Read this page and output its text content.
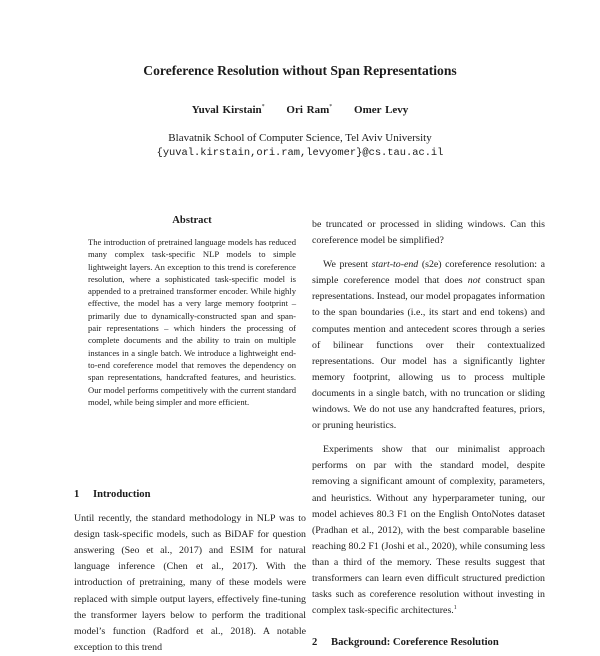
Coreference Resolution without Span Representations
Yuval Kirstain* Ori Ram* Omer Levy
Blavatnik School of Computer Science, Tel Aviv University
{yuval.kirstain,ori.ram,levyomer}@cs.tau.ac.il
Abstract
The introduction of pretrained language models has reduced many complex task-specific NLP models to simple lightweight layers. An exception to this trend is coreference resolution, where a sophisticated task-specific model is appended to a pretrained transformer encoder. While highly effective, the model has a very large memory footprint – primarily due to dynamically-constructed span and span-pair representations – which hinders the processing of complete documents and the ability to train on multiple instances in a single batch. We introduce a lightweight end-to-end coreference model that removes the dependency on span representations, handcrafted features, and heuristics. Our model performs competitively with the current standard model, while being simpler and more efficient.
1 Introduction

Until recently, the standard methodology in NLP was to design task-specific models, such as BiDAF for question answering (Seo et al., 2017) and ESIM for natural language inference (Chen et al., 2017). With the introduction of pretraining, many of these models were replaced with simple output layers, effectively fine-tuning the transformer layers below to perform the traditional model’s function (Radford et al., 2018). A notable exception to this trend

be truncated or processed in sliding windows. Can this coreference model be simplified?

We present start-to-end (s2e) coreference resolution: a simple coreference model that does not construct span representations. Instead, our model propagates information to the span boundaries (i.e., its start and end tokens) and computes mention and antecedent scores through a series of bilinear functions over their contextualized representations. Our model has a significantly lighter memory footprint, allowing us to process multiple documents in a single batch, with no truncation or sliding windows. We do not use any handcrafted features, priors, or pruning heuristics.

Experiments show that our minimalist approach performs on par with the standard model, despite removing a significant amount of complexity, parameters, and heuristics. Without any hyperparameter tuning, our model achieves 80.3 F1 on the English OntoNotes dataset (Pradhan et al., 2012), with the best comparable baseline reaching 80.2 F1 (Joshi et al., 2020), while consuming less than a third of the memory. These results suggest that transformers can learn even difficult structured prediction tasks such as coreference resolution without investing in complex task-specific architectures.$^1$

2 Background: Coreference Resolution
